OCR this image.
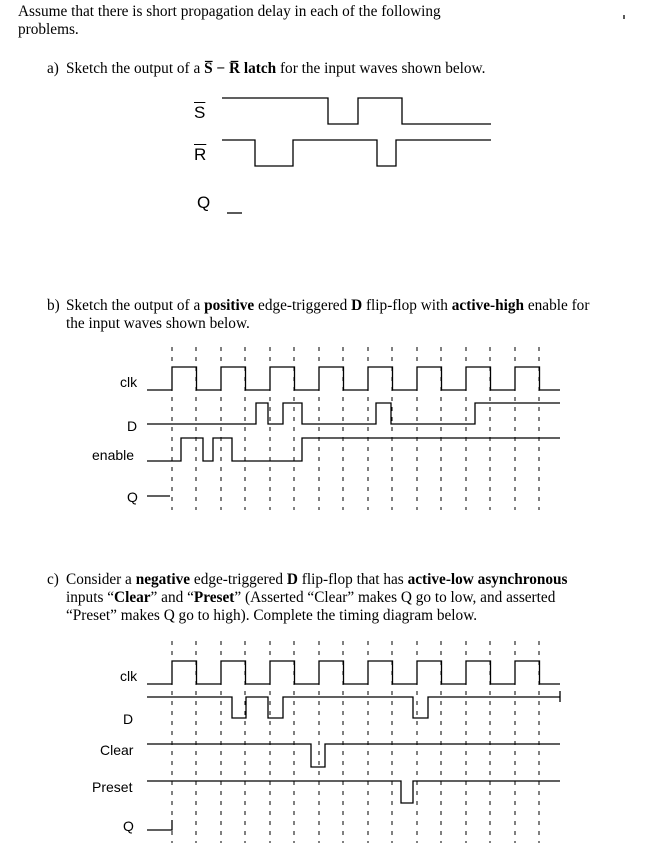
Assume that there is short propagation delay in each of the following
problems.
a) Sketch the output of a S̅ − R̅ latch for the input waves shown below.
$\overline{S}$
$\overline{R}$
Q
b) Sketch the output of a positive edge-triggered D flip-flop with active-high enable for
the input waves shown below.
clk
D
enable
Q
c) Consider a negative edge-triggered D flip-flop that has active-low asynchronous
inputs “Clear” and “Preset” (Asserted “Clear” makes Q go to low, and asserted
“Preset” makes Q go to high). Complete the timing diagram below.
clk
D
Clear
Preset
Q
